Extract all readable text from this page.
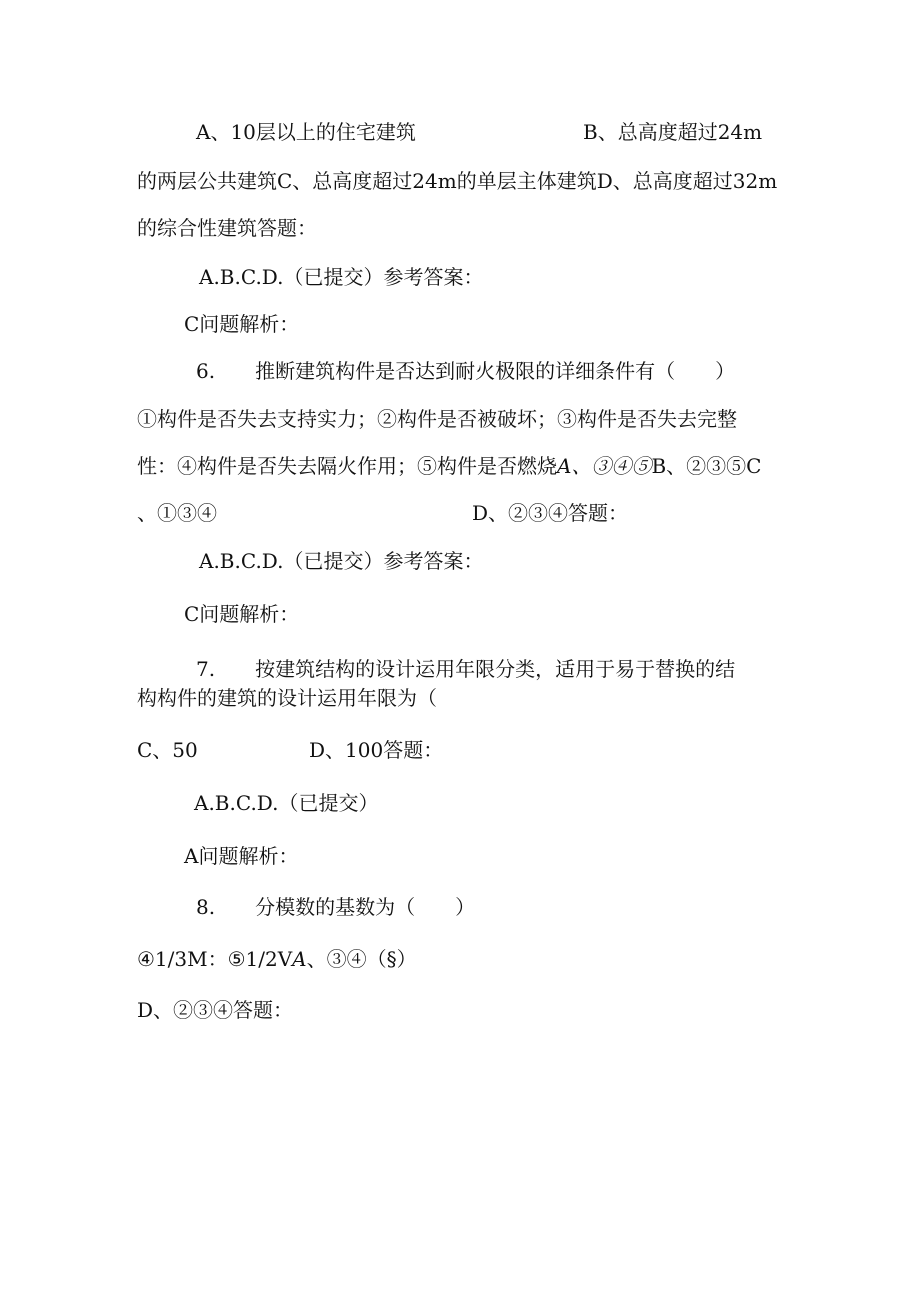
A、10层以上的住宅建筑	B、总高度超过24m
的两层公共建筑C、总高度超过24m的单层主体建筑D、总高度超过32m
的综合性建筑答题：
A.B.C.D.（已提交）参考答案：
C问题解析：
6.　　推断建筑构件是否达到耐火极限的详细条件有（　　）
①构件是否失去支持实力；②构件是否被破坏；③构件是否失去完整
性：④构件是否失去隔火作用；⑤构件是否燃烧A、③④⑤B、②③⑤C
、①③④	D、②③④答题：
A.B.C.D.（已提交）参考答案：
C问题解析：
7.　　按建筑结构的设计运用年限分类，适用于易于替换的结
构构件的建筑的设计运用年限为（
C、50	D、100答题：
A.B.C.D.（已提交）
A问题解析：
8.　　分模数的基数为（　　）
④1/3M：⑤1/2VA、③④（§）
D、②③④答题：
